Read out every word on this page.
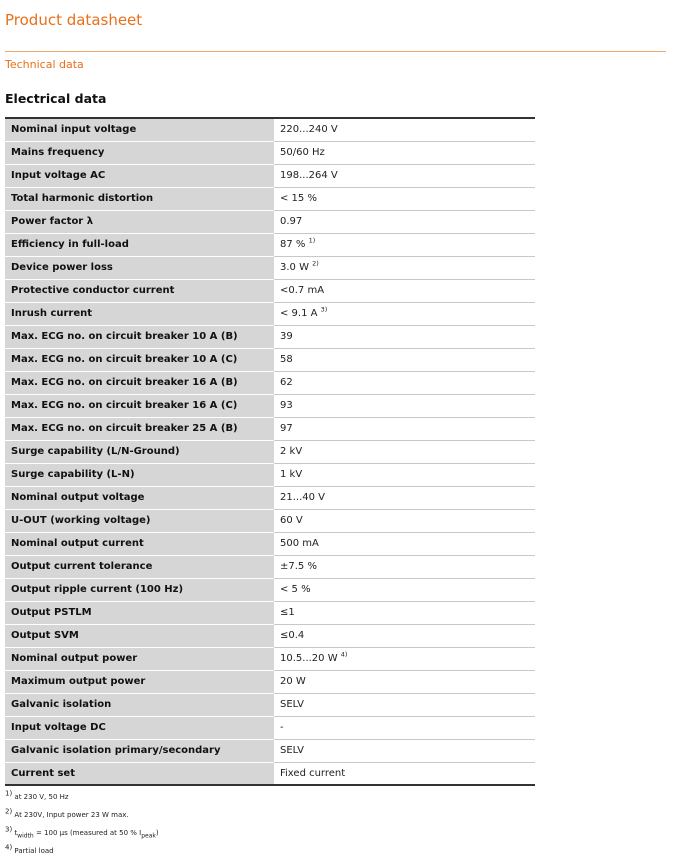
Product datasheet
Technical data
Electrical data
Nominal input voltage	220...240 V
Mains frequency	50/60 Hz
Input voltage AC	198...264 V
Total harmonic distortion	< 15 %
Power factor λ	0.97
Efficiency in full-load	87 % $^{1)}$
Device power loss	3.0 W $^{2)}$
Protective conductor current	<0.7 mA
Inrush current	< 9.1 A $^{3)}$
Max. ECG no. on circuit breaker 10 A (B)	39
Max. ECG no. on circuit breaker 10 A (C)	58
Max. ECG no. on circuit breaker 16 A (B)	62
Max. ECG no. on circuit breaker 16 A (C)	93
Max. ECG no. on circuit breaker 25 A (B)	97
Surge capability (L/N-Ground)	2 kV
Surge capability (L-N)	1 kV
Nominal output voltage	21...40 V
U-OUT (working voltage)	60 V
Nominal output current	500 mA
Output current tolerance	±7.5 %
Output ripple current (100 Hz)	< 5 %
Output PSTLM	≤1
Output SVM	≤0.4
Nominal output power	10.5...20 W $^{4)}$
Maximum output power	20 W
Galvanic isolation	SELV
Input voltage DC	-
Galvanic isolation primary/secondary	SELV
Current set	Fixed current
$^{1)}$ at 230 V, 50 Hz
$^{2)}$ At 230V, Input power 23 W max.
$^{3)}$ $t_{width} = 100$ µs (measured at 50 % $I_{peak}$)
$^{4)}$ Partial load
